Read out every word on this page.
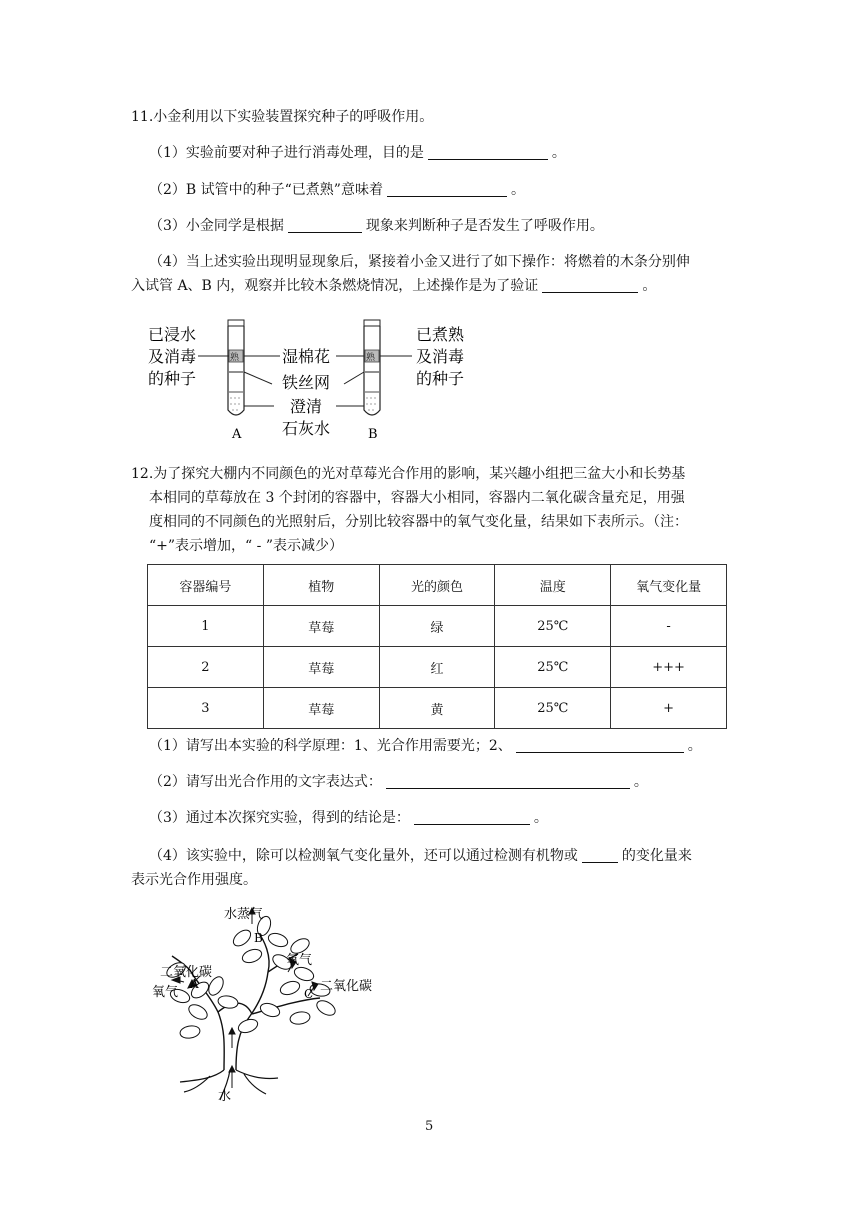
11.小金利用以下实验装置探究种子的呼吸作用。
（1）实验前要对种子进行消毒处理，目的是	。
（2）B 试管中的种子“已煮熟”意味着	。
（3）小金同学是根据	现象来判断种子是否发生了呼吸作用。
（4）当上述实验出现明显现象后，紧接着小金又进行了如下操作：将燃着的木条分别伸
入试管 A、B 内，观察并比较木条燃烧情况，上述操作是为了验证	。
已浸水
及消毒
的种子
已煮熟
及消毒
的种子
熟
A
熟
B
湿棉花
铁丝网
澄清
石灰水
12.为了探究大棚内不同颜色的光对草莓光合作用的影响，某兴趣小组把三盆大小和长势基
本相同的草莓放在 3 个封闭的容器中，容器大小相同，容器内二氧化碳含量充足，用强
度相同的不同颜色的光照射后，分别比较容器中的氧气变化量，结果如下表所示。（注：
“+”表示增加，“ - ”表示减少）
容器编号	植物	光的颜色	温度	氧气变化量
1	草莓	绿	25℃	-
2	草莓	红	25℃	+++
3	草莓	黄	25℃	+
（1）请写出本实验的科学原理：1、光合作用需要光；2、	。
（2）请写出光合作用的文字表达式：	。
（3）通过本次探究实验，得到的结论是：	。
（4）该实验中，除可以检测氧气变化量外，还可以通过检测有机物或	的变化量来
表示光合作用强度。
水蒸气
B
二氧化碳
氧气
A
氧气
C 二氧化碳
水
5
